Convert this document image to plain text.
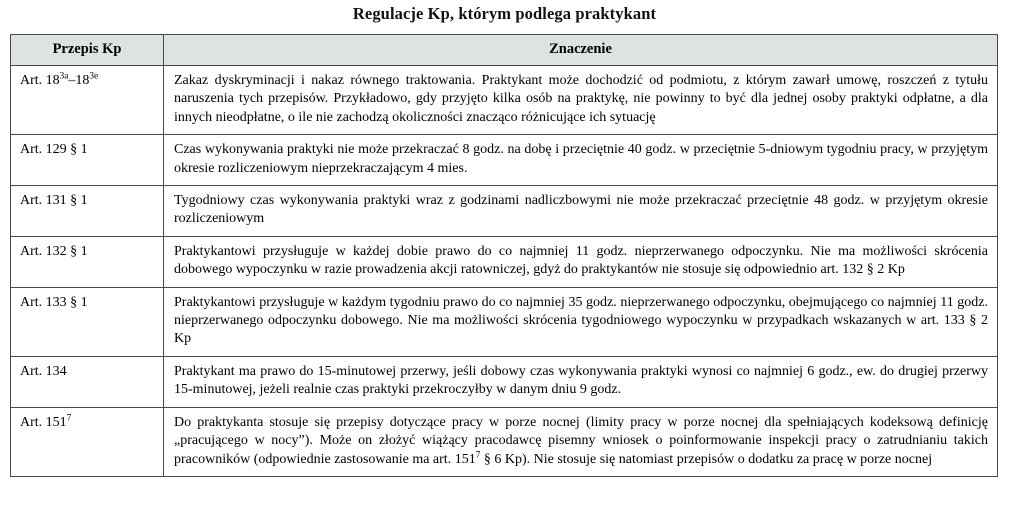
Regulacje Kp, którym podlega praktykant
Przepis Kp	Znaczenie
Art. $18^{3a}-18^{3e}$	Zakaz dyskryminacji i nakaz równego traktowania. Praktykant może dochodzić od podmiotu, z którym zawarł umowę, roszczeń z tytułu naruszenia tych przepisów. Przykładowo, gdy przyjęto kilka osób na praktykę, nie powinny to być dla jednej osoby praktyki odpłatne, a dla innych nieodpłatne, o ile nie zachodzą okoliczności znacząco różnicujące ich sytuację
Art. 129 § 1	Czas wykonywania praktyki nie może przekraczać 8 godz. na dobę i przeciętnie 40 godz. w przeciętnie 5-dniowym tygodniu pracy, w przyjętym okresie rozliczeniowym nieprzekraczającym 4 mies.
Art. 131 § 1	Tygodniowy czas wykonywania praktyki wraz z godzinami nadliczbowymi nie może przekraczać przeciętnie 48 godz. w przyjętym okresie rozliczeniowym
Art. 132 § 1	Praktykantowi przysługuje w każdej dobie prawo do co najmniej 11 godz. nieprzerwanego odpoczynku. Nie ma możliwości skrócenia dobowego wypoczynku w razie prowadzenia akcji ratowniczej, gdyż do praktykantów nie stosuje się odpowiednio art. 132 § 2 Kp
Art. 133 § 1	Praktykantowi przysługuje w każdym tygodniu prawo do co najmniej 35 godz. nieprzerwanego odpoczynku, obejmującego co najmniej 11 godz. nieprzerwanego odpoczynku dobowego. Nie ma możliwości skrócenia tygodniowego wypoczynku w przypadkach wskazanych w art. 133 § 2 Kp
Art. 134	Praktykant ma prawo do 15-minutowej przerwy, jeśli dobowy czas wykonywania praktyki wynosi co najmniej 6 godz., ew. do drugiej przerwy 15-minutowej, jeżeli realnie czas praktyki przekroczyłby w danym dniu 9 godz.
Art. $151^7$	Do praktykanta stosuje się przepisy dotyczące pracy w porze nocnej (limity pracy w porze nocnej dla spełniających kodeksową definicję „pracującego w nocy”). Może on złożyć wiążący pracodawcę pisemny wniosek o poinformowanie inspekcji pracy o zatrudnianiu takich pracowników (odpowiednie zastosowanie ma art. $151^7$ § 6 Kp). Nie stosuje się natomiast przepisów o dodatku za pracę w porze nocnej
